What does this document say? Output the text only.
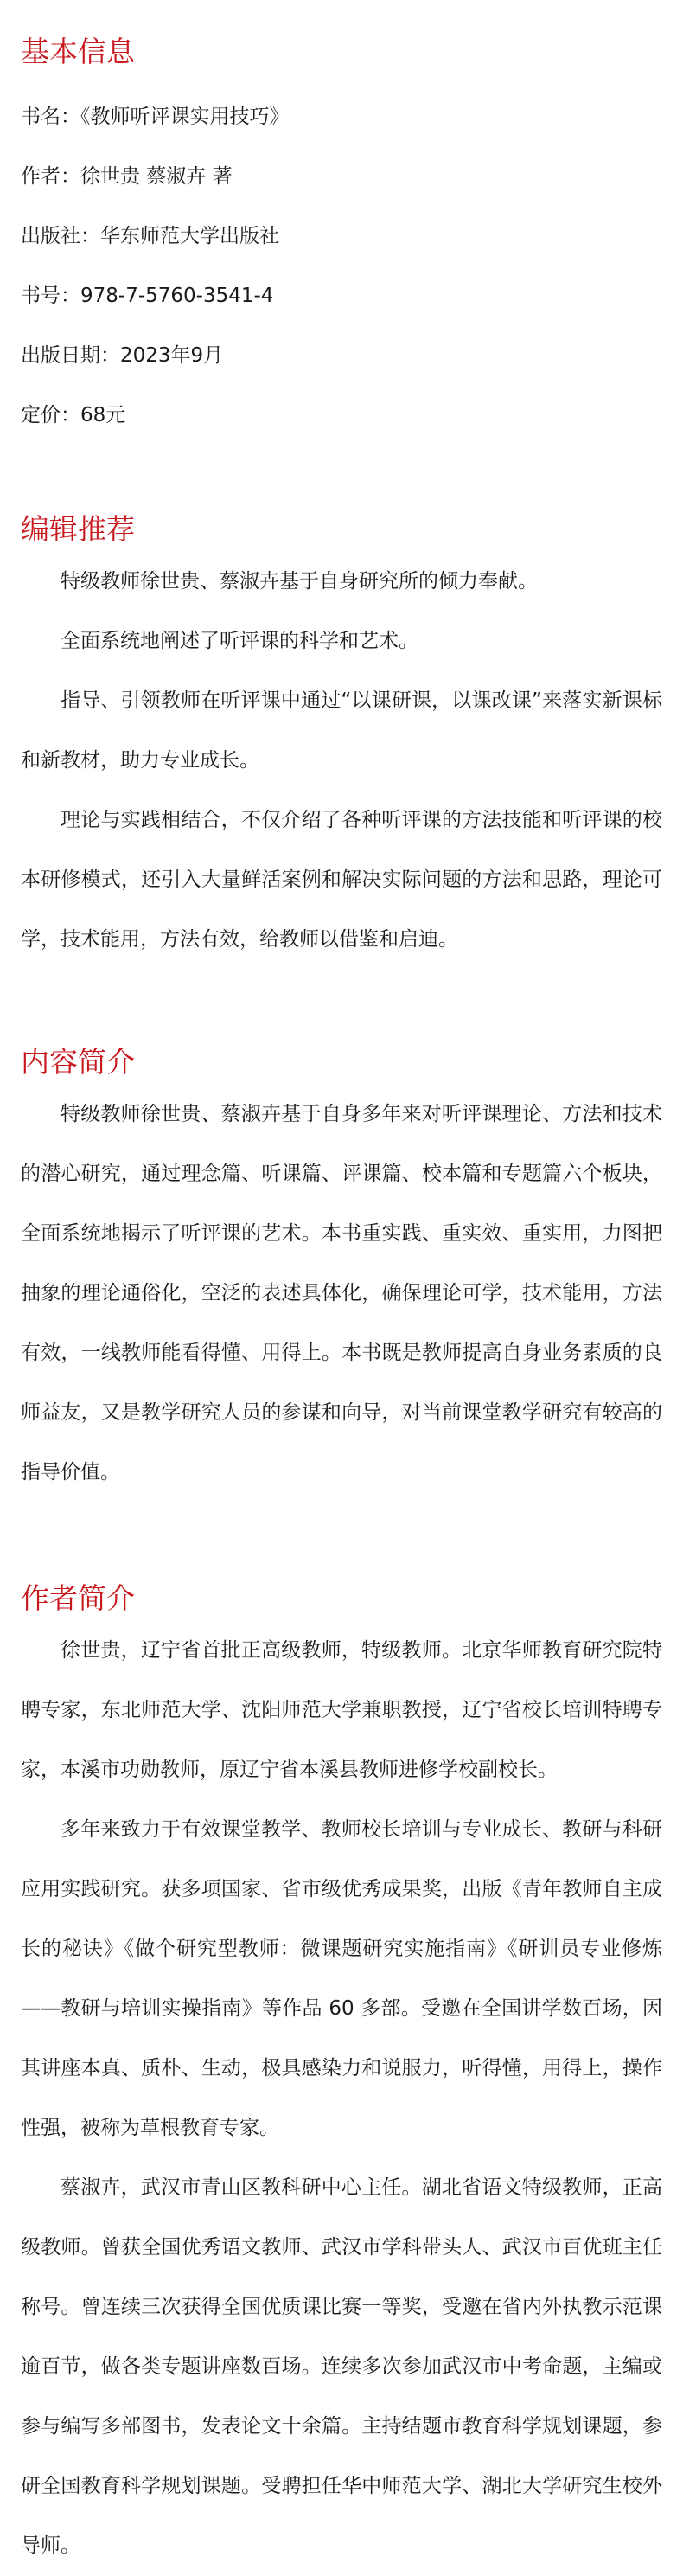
基本信息

书名：《教师听评课实用技巧》

作者：徐世贵 蔡淑卉 著

出版社：华东师范大学出版社

书号：978-7-5760-3541-4

出版日期：2023年9月

定价：68元

编辑推荐

特级教师徐世贵、蔡淑卉基于自身研究所的倾力奉献。

全面系统地阐述了听评课的科学和艺术。

指导、引领教师在听评课中通过“以课研课，以课改课”来落实新课标和新教材，助力专业成长。

理论与实践相结合，不仅介绍了各种听评课的方法技能和听评课的校本研修模式，还引入大量鲜活案例和解决实际问题的方法和思路，理论可学，技术能用，方法有效，给教师以借鉴和启迪。

内容简介

特级教师徐世贵、蔡淑卉基于自身多年来对听评课理论、方法和技术的潜心研究，通过理念篇、听课篇、评课篇、校本篇和专题篇六个板块，全面系统地揭示了听评课的艺术。本书重实践、重实效、重实用，力图把抽象的理论通俗化，空泛的表述具体化，确保理论可学，技术能用，方法有效，一线教师能看得懂、用得上。本书既是教师提高自身业务素质的良师益友，又是教学研究人员的参谋和向导，对当前课堂教学研究有较高的指导价值。

作者简介

徐世贵，辽宁省首批正高级教师，特级教师。北京华师教育研究院特聘专家，东北师范大学、沈阳师范大学兼职教授，辽宁省校长培训特聘专家，本溪市功勋教师，原辽宁省本溪县教师进修学校副校长。

多年来致力于有效课堂教学、教师校长培训与专业成长、教研与科研应用实践研究。获多项国家、省市级优秀成果奖，出版《青年教师自主成长的秘诀》《做个研究型教师：微课题研究实施指南》《研训员专业修炼——教研与培训实操指南》等作品 60 多部。受邀在全国讲学数百场，因其讲座本真、质朴、生动，极具感染力和说服力，听得懂，用得上，操作性强，被称为草根教育专家。

蔡淑卉，武汉市青山区教科研中心主任。湖北省语文特级教师，正高级教师。曾获全国优秀语文教师、武汉市学科带头人、武汉市百优班主任称号。曾连续三次获得全国优质课比赛一等奖，受邀在省内外执教示范课逾百节，做各类专题讲座数百场。连续多次参加武汉市中考命题，主编或参与编写多部图书，发表论文十余篇。主持结题市教育科学规划课题，参研全国教育科学规划课题。受聘担任华中师范大学、湖北大学研究生校外导师。
